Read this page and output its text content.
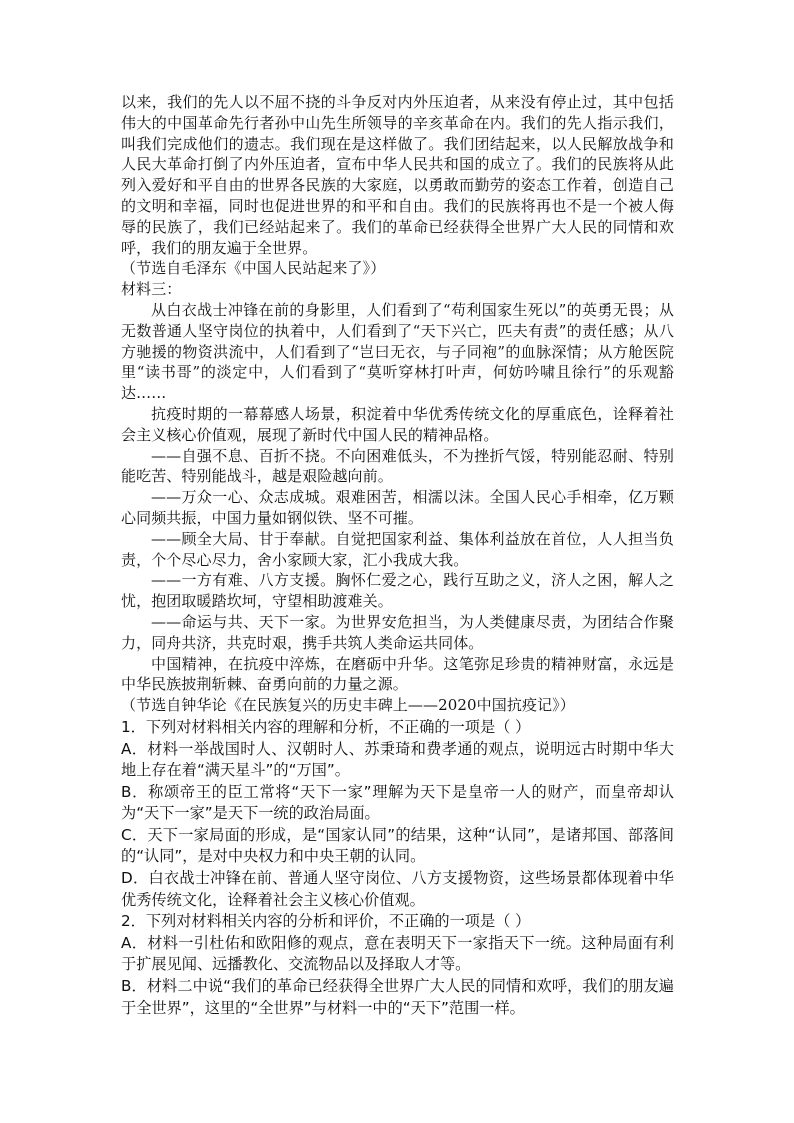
以来，我们的先人以不屈不挠的斗争反对内外压迫者，从来没有停止过，其中包括伟大的中国革命先行者孙中山先生所领导的辛亥革命在内。我们的先人指示我们，叫我们完成他们的遗志。我们现在是这样做了。我们团结起来，以人民解放战争和人民大革命打倒了内外压迫者，宣布中华人民共和国的成立了。我们的民族将从此列入爱好和平自由的世界各民族的大家庭，以勇敢而勤劳的姿态工作着，创造自己的文明和幸福，同时也促进世界的和平和自由。我们的民族将再也不是一个被人侮辱的民族了，我们已经站起来了。我们的革命已经获得全世界广大人民的同情和欢呼，我们的朋友遍于全世界。

（节选自毛泽东《中国人民站起来了》）

材料三：

从白衣战士冲锋在前的身影里，人们看到了“苟利国家生死以”的英勇无畏；从无数普通人坚守岗位的执着中，人们看到了“天下兴亡，匹夫有责”的责任感；从八方驰援的物资洪流中，人们看到了“岂曰无衣，与子同袍”的血脉深情；从方舱医院里“读书哥”的淡定中，人们看到了“莫听穿林打叶声，何妨吟啸且徐行”的乐观豁达……

抗疫时期的一幕幕感人场景，积淀着中华优秀传统文化的厚重底色，诠释着社会主义核心价值观，展现了新时代中国人民的精神品格。

——自强不息、百折不挠。不向困难低头，不为挫折气馁，特别能忍耐、特别能吃苦、特别能战斗，越是艰险越向前。

——万众一心、众志成城。艰难困苦，相濡以沫。全国人民心手相牵，亿万颗心同频共振，中国力量如钢似铁、坚不可摧。

——顾全大局、甘于奉献。自觉把国家利益、集体利益放在首位，人人担当负责，个个尽心尽力，舍小家顾大家，汇小我成大我。

——一方有难、八方支援。胸怀仁爱之心，践行互助之义，济人之困，解人之忧，抱团取暖踏坎坷，守望相助渡难关。

——命运与共、天下一家。为世界安危担当，为人类健康尽责，为团结合作聚力，同舟共济，共克时艰，携手共筑人类命运共同体。

中国精神，在抗疫中淬炼，在磨砺中升华。这笔弥足珍贵的精神财富，永远是中华民族披荆斩棘、奋勇向前的力量之源。

（节选自钟华论《在民族复兴的历史丰碑上——2020中国抗疫记》）

1．下列对材料相关内容的理解和分析，不正确的一项是（ ）

A．材料一举战国时人、汉朝时人、苏秉琦和费孝通的观点，说明远古时期中华大地上存在着“满天星斗”的“万国”。

B．称颂帝王的臣工常将“天下一家”理解为天下是皇帝一人的财产，而皇帝却认为“天下一家”是天下一统的政治局面。

C．天下一家局面的形成，是“国家认同”的结果，这种“认同”，是诸邦国、部落间的“认同”，是对中央权力和中央王朝的认同。

D．白衣战士冲锋在前、普通人坚守岗位、八方支援物资，这些场景都体现着中华优秀传统文化，诠释着社会主义核心价值观。

2．下列对材料相关内容的分析和评价，不正确的一项是（ ）

A．材料一引杜佑和欧阳修的观点，意在表明天下一家指天下一统。这种局面有利于扩展见闻、远播教化、交流物品以及择取人才等。

B．材料二中说“我们的革命已经获得全世界广大人民的同情和欢呼，我们的朋友遍于全世界”，这里的“全世界”与材料一中的“天下”范围一样。
